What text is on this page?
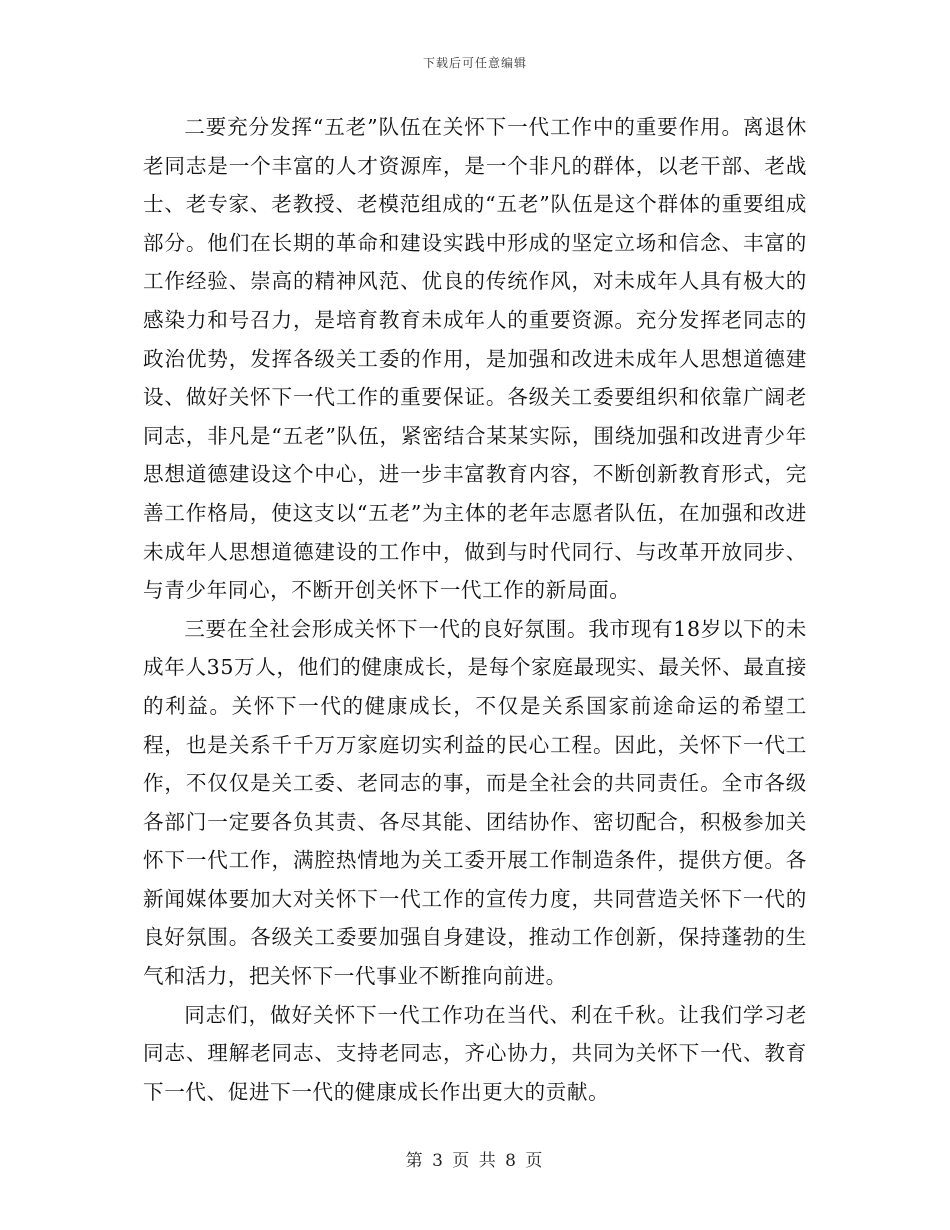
下载后可任意编辑

二要充分发挥“五老”队伍在关怀下一代工作中的重要作用。离退休老同志是一个丰富的人才资源库，是一个非凡的群体，以老干部、老战士、老专家、老教授、老模范组成的“五老”队伍是这个群体的重要组成部分。他们在长期的革命和建设实践中形成的坚定立场和信念、丰富的工作经验、崇高的精神风范、优良的传统作风，对未成年人具有极大的感染力和号召力，是培育教育未成年人的重要资源。充分发挥老同志的政治优势，发挥各级关工委的作用，是加强和改进未成年人思想道德建设、做好关怀下一代工作的重要保证。各级关工委要组织和依靠广阔老同志，非凡是“五老”队伍，紧密结合某某实际，围绕加强和改进青少年思想道德建设这个中心，进一步丰富教育内容，不断创新教育形式，完善工作格局，使这支以“五老”为主体的老年志愿者队伍，在加强和改进未成年人思想道德建设的工作中，做到与时代同行、与改革开放同步、与青少年同心，不断开创关怀下一代工作的新局面。

三要在全社会形成关怀下一代的良好氛围。我市现有18岁以下的未成年人35万人，他们的健康成长，是每个家庭最现实、最关怀、最直接的利益。关怀下一代的健康成长，不仅是关系国家前途命运的希望工程，也是关系千千万万家庭切实利益的民心工程。因此，关怀下一代工作，不仅仅是关工委、老同志的事，而是全社会的共同责任。全市各级各部门一定要各负其责、各尽其能、团结协作、密切配合，积极参加关怀下一代工作，满腔热情地为关工委开展工作制造条件，提供方便。各新闻媒体要加大对关怀下一代工作的宣传力度，共同营造关怀下一代的良好氛围。各级关工委要加强自身建设，推动工作创新，保持蓬勃的生气和活力，把关怀下一代事业不断推向前进。

同志们，做好关怀下一代工作功在当代、利在千秋。让我们学习老同志、理解老同志、支持老同志，齐心协力，共同为关怀下一代、教育下一代、促进下一代的健康成长作出更大的贡献。

第 3 页 共 8 页
